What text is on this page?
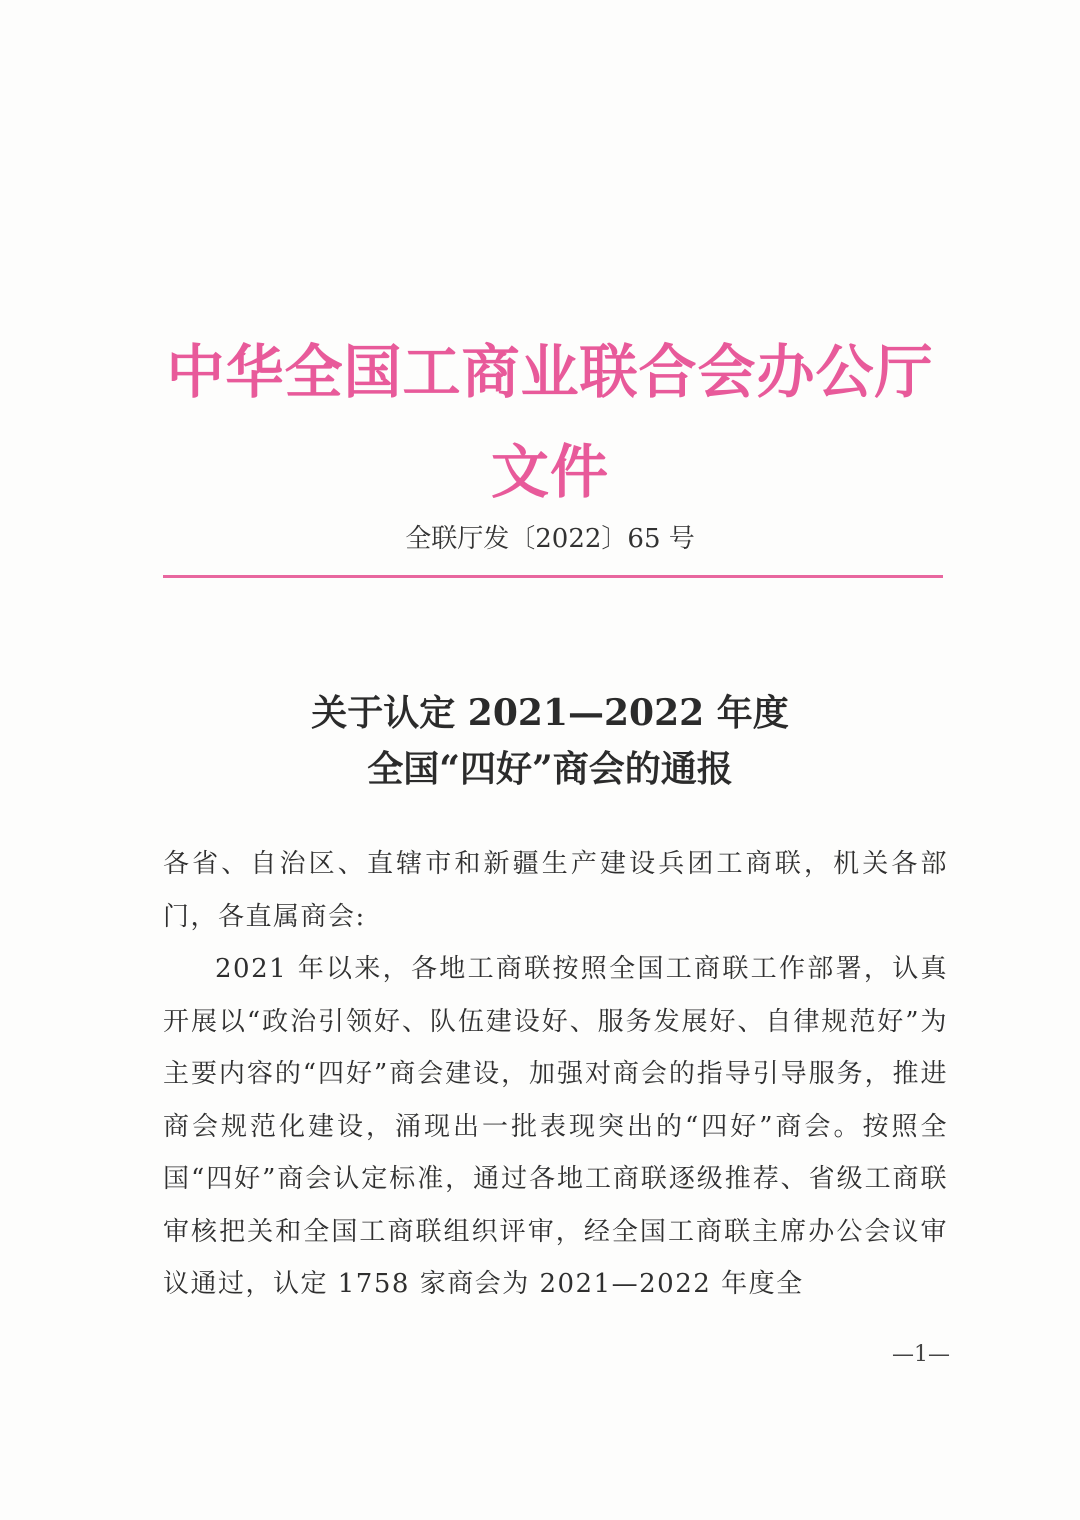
中华全国工商业联合会办公厅文件
全联厅发〔2022〕65 号
关于认定 2021—2022 年度
全国“四好”商会的通报

各省、自治区、直辖市和新疆生产建设兵团工商联，机关各部门，各直属商会:

2021 年以来，各地工商联按照全国工商联工作部署，认真开展以“政治引领好、队伍建设好、服务发展好、自律规范好”为主要内容的“四好”商会建设，加强对商会的指导引导服务，推进商会规范化建设，涌现出一批表现突出的“四好”商会。按照全国“四好”商会认定标准，通过各地工商联逐级推荐、省级工商联审核把关和全国工商联组织评审，经全国工商联主席办公会议审议通过，认定 1758 家商会为 2021—2022 年度全

—1—
